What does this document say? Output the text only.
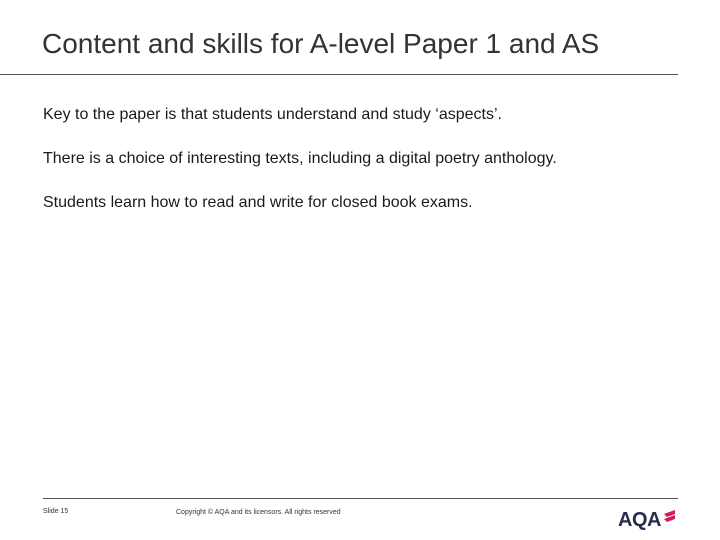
Content and skills for A-level Paper 1 and AS

Key to the paper is that students understand and study ‘aspects’.

There is a choice of interesting texts, including a digital poetry anthology.

Students learn how to read and write for closed book exams.

Slide 15	Copyright © AQA and its licensors. All rights reserved	AQA
